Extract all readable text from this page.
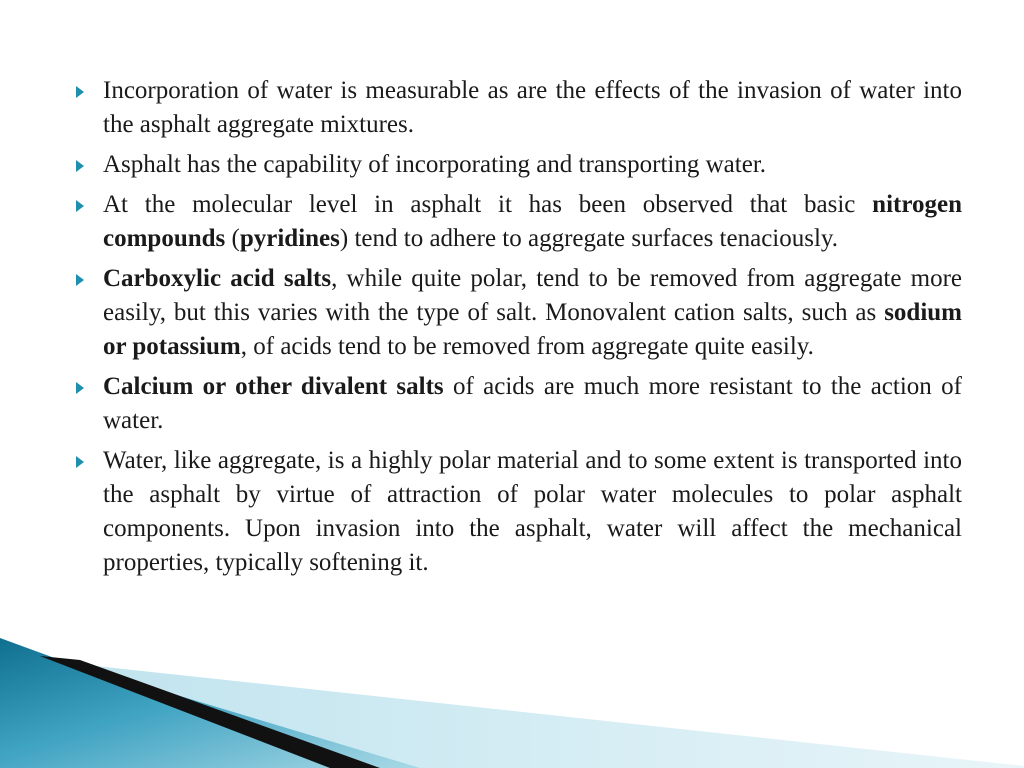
Incorporation of water is measurable as are the effects of the invasion of water into the asphalt aggregate mixtures.
Asphalt has the capability of incorporating and transporting water.
At the molecular level in asphalt it has been observed that basic nitrogen compounds (pyridines) tend to adhere to aggregate surfaces tenaciously.
Carboxylic acid salts, while quite polar, tend to be removed from aggregate more easily, but this varies with the type of salt. Monovalent cation salts, such as sodium or potassium, of acids tend to be removed from aggregate quite easily.
Calcium or other divalent salts of acids are much more resistant to the action of water.
Water, like aggregate, is a highly polar material and to some extent is transported into the asphalt by virtue of attraction of polar water molecules to polar asphalt components. Upon invasion into the asphalt, water will affect the mechanical properties, typically softening it.
